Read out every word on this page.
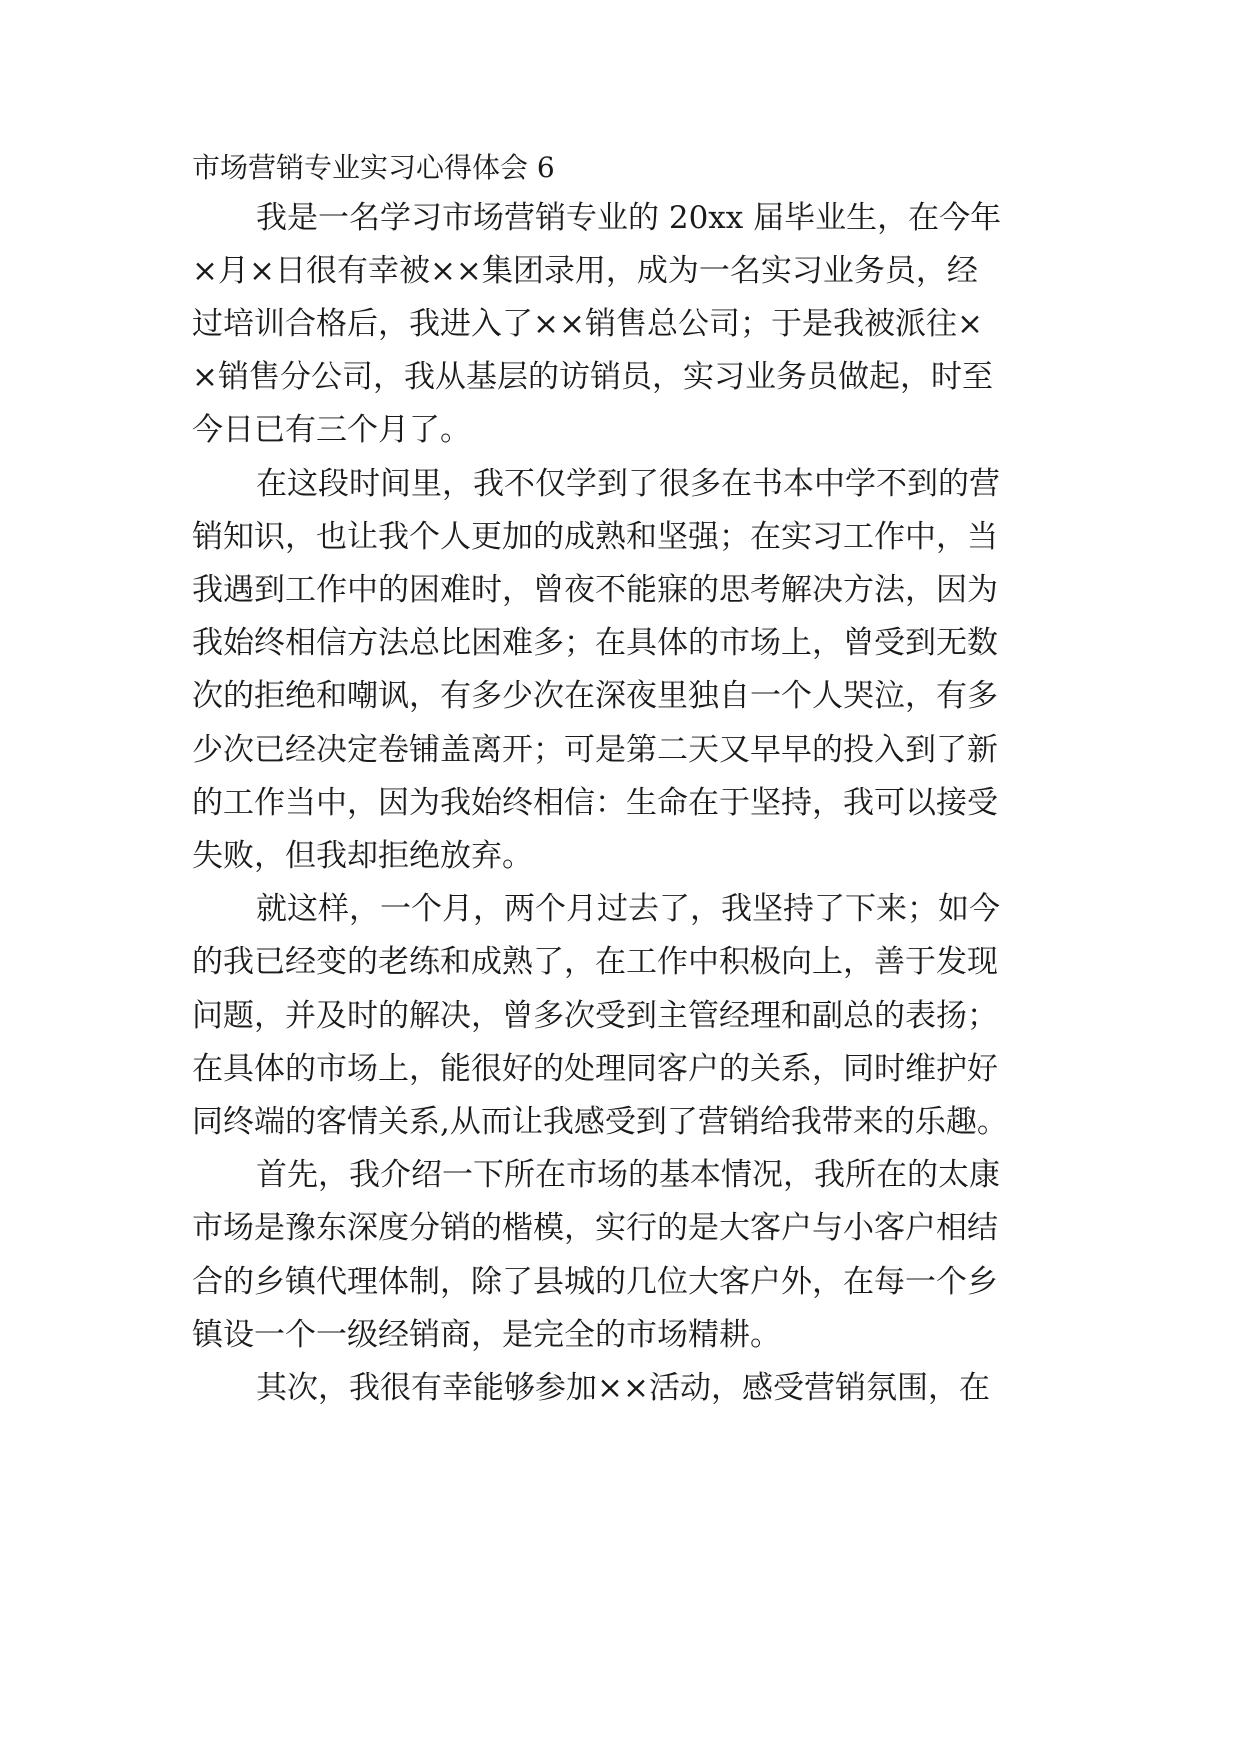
市场营销专业实习心得体会 6
我是一名学习市场营销专业的 20xx 届毕业生，在今年
×月×日很有幸被××集团录用，成为一名实习业务员，经
过培训合格后，我进入了××销售总公司；于是我被派往×
×销售分公司，我从基层的访销员，实习业务员做起，时至
今日已有三个月了。
在这段时间里，我不仅学到了很多在书本中学不到的营
销知识，也让我个人更加的成熟和坚强；在实习工作中，当
我遇到工作中的困难时，曾夜不能寐的思考解决方法，因为
我始终相信方法总比困难多；在具体的市场上，曾受到无数
次的拒绝和嘲讽，有多少次在深夜里独自一个人哭泣，有多
少次已经决定卷铺盖离开；可是第二天又早早的投入到了新
的工作当中，因为我始终相信：生命在于坚持，我可以接受
失败，但我却拒绝放弃。
就这样，一个月，两个月过去了，我坚持了下来；如今
的我已经变的老练和成熟了，在工作中积极向上，善于发现
问题，并及时的解决，曾多次受到主管经理和副总的表扬；
在具体的市场上，能很好的处理同客户的关系，同时维护好
同终端的客情关系,从而让我感受到了营销给我带来的乐趣。
首先，我介绍一下所在市场的基本情况，我所在的太康
市场是豫东深度分销的楷模，实行的是大客户与小客户相结
合的乡镇代理体制，除了县城的几位大客户外，在每一个乡
镇设一个一级经销商，是完全的市场精耕。
其次，我很有幸能够参加××活动，感受营销氛围，在
